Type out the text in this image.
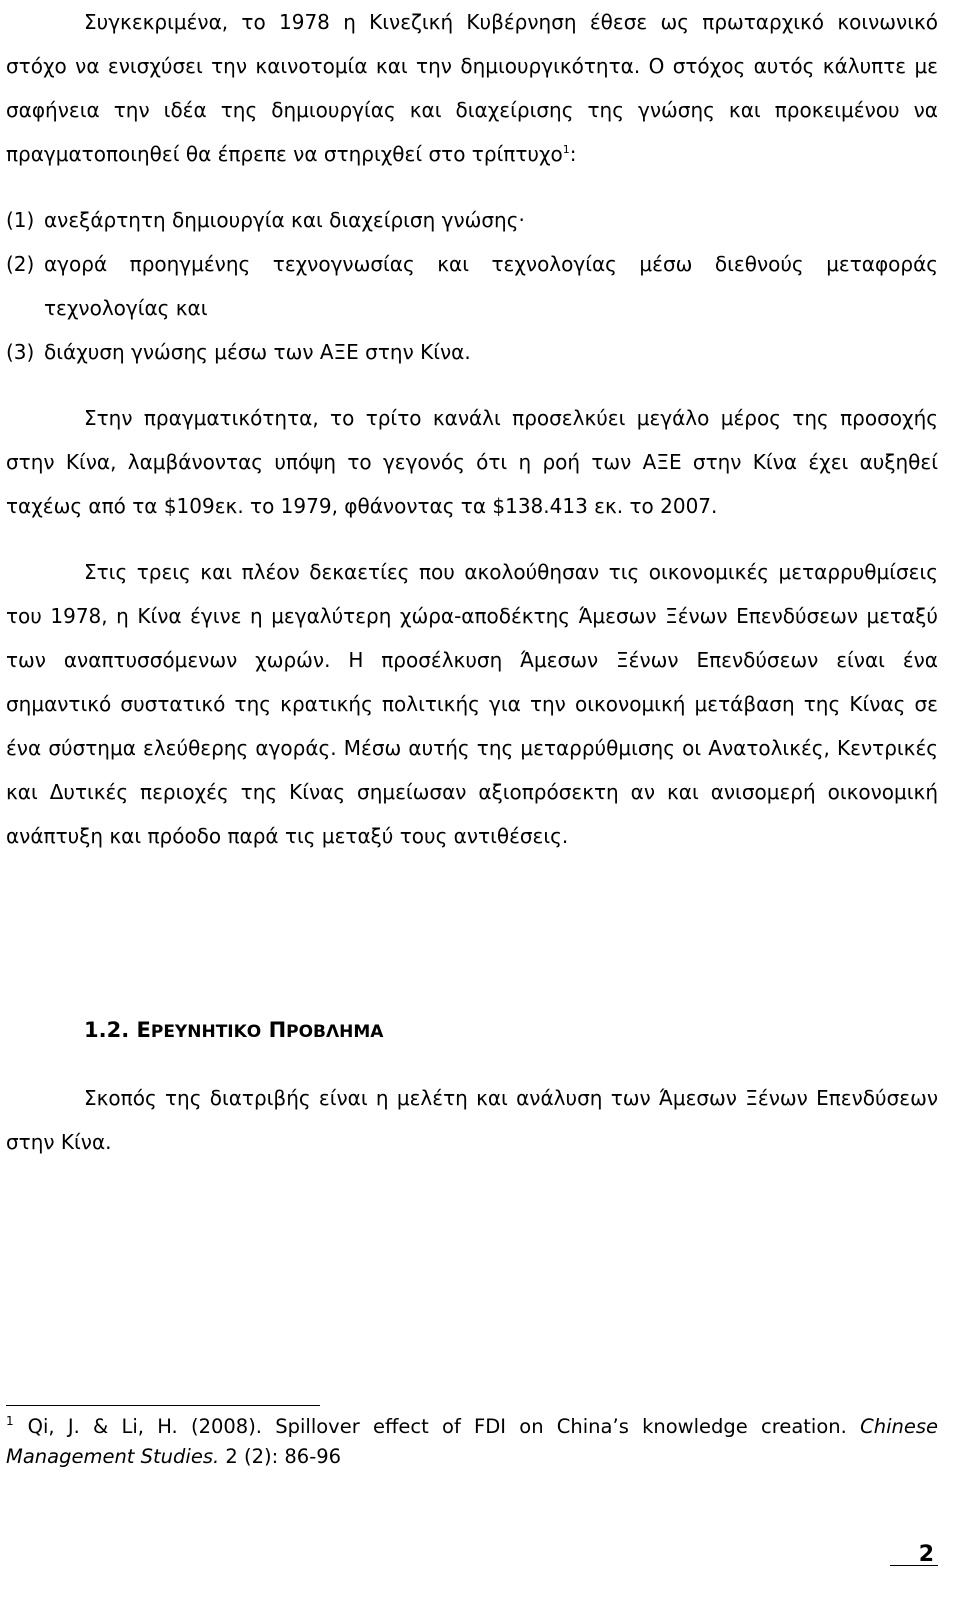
Συγκεκριμένα, το 1978 η Κινεζική Κυβέρνηση έθεσε ως πρωταρχικό κοινωνικό στόχο να ενισχύσει την καινοτομία και την δημιουργικότητα. Ο στόχος αυτός κάλυπτε με σαφήνεια την ιδέα της δημιουργίας και διαχείρισης της γνώσης και προκειμένου να πραγματοποιηθεί θα έπρεπε να στηριχθεί στο τρίπτυχο$^1$:

(1) ανεξάρτητη δημιουργία και διαχείριση γνώσης·
(2) αγορά προηγμένης τεχνογνωσίας και τεχνολογίας μέσω διεθνούς μεταφοράς τεχνολογίας και
(3) διάχυση γνώσης μέσω των ΑΞΕ στην Κίνα.

Στην πραγματικότητα, το τρίτο κανάλι προσελκύει μεγάλο μέρος της προσοχής στην Κίνα, λαμβάνοντας υπόψη το γεγονός ότι η ροή των ΑΞΕ στην Κίνα έχει αυξηθεί ταχέως από τα $109εκ. το 1979, φθάνοντας τα $138.413 εκ. το 2007.

Στις τρεις και πλέον δεκαετίες που ακολούθησαν τις οικονομικές μεταρρυθμίσεις του 1978, η Κίνα έγινε η μεγαλύτερη χώρα-αποδέκτης Άμεσων Ξένων Επενδύσεων μεταξύ των αναπτυσσόμενων χωρών. Η προσέλκυση Άμεσων Ξένων Επενδύσεων είναι ένα σημαντικό συστατικό της κρατικής πολιτικής για την οικονομική μετάβαση της Κίνας σε ένα σύστημα ελεύθερης αγοράς. Μέσω αυτής της μεταρρύθμισης οι Ανατολικές, Κεντρικές και Δυτικές περιοχές της Κίνας σημείωσαν αξιοπρόσεκτη αν και ανισομερή οικονομική ανάπτυξη και πρόοδο παρά τις μεταξύ τους αντιθέσεις.

1.2. ΕΡΕΥΝΗΤΙΚΟ ΠΡΟΒΛΗΜΑ

Σκοπός της διατριβής είναι η μελέτη και ανάλυση των Άμεσων Ξένων Επενδύσεων στην Κίνα.

$^1$ Qi, J. & Li, H. (2008). Spillover effect of FDI on China’s knowledge creation. Chinese Management Studies. 2 (2): 86-96
2
